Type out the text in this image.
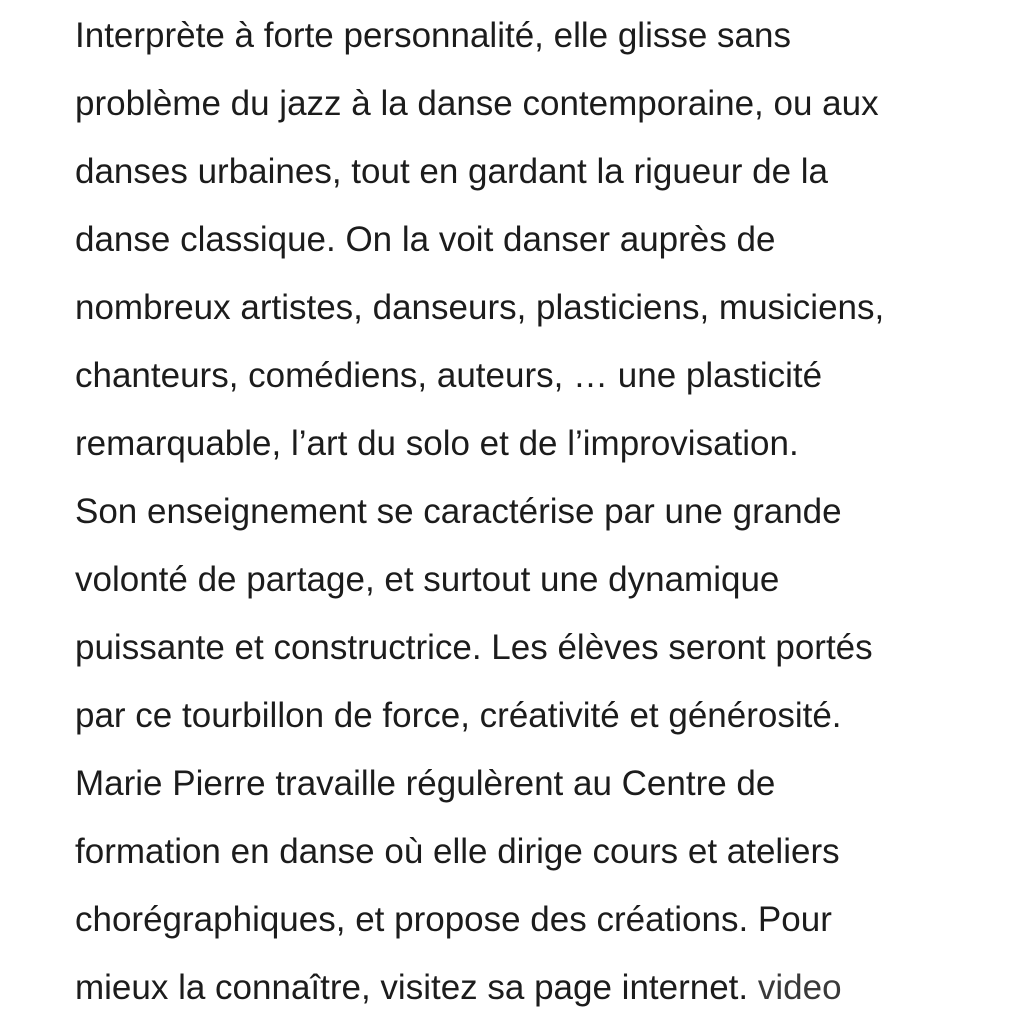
Interprète à forte personnalité, elle glisse sans
problème du jazz à la danse contemporaine, ou aux
danses urbaines, tout en gardant la rigueur de la
danse classique. On la voit danser auprès de
nombreux artistes, danseurs, plasticiens, musiciens,
chanteurs, comédiens, auteurs, … une plasticité
remarquable, l’art du solo et de l’improvisation.
Son enseignement se caractérise par une grande
volonté de partage, et surtout une dynamique
puissante et constructrice. Les élèves seront portés
par ce tourbillon de force, créativité et générosité.
Marie Pierre travaille régulèrent au Centre de
formation en danse où elle dirige cours et ateliers
chorégraphiques, et propose des créations. Pour
mieux la connaître, visitez sa page internet. video
